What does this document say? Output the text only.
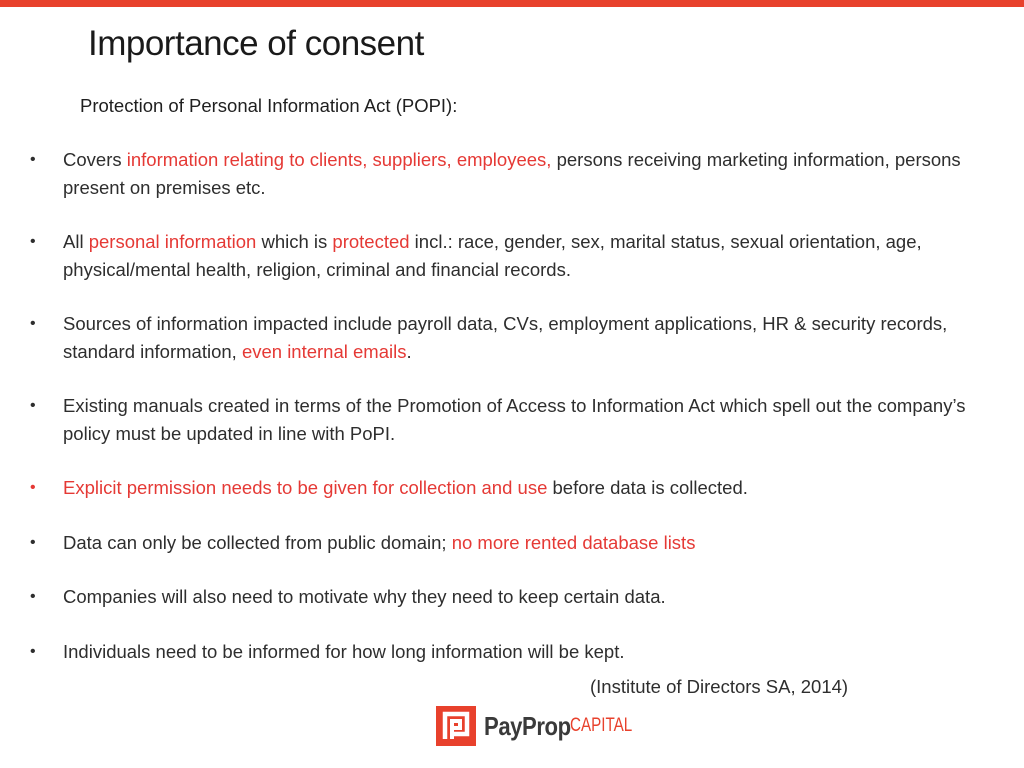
Importance of consent
Protection of Personal Information Act (POPI):
• Covers information relating to clients, suppliers, employees, persons receiving marketing information, persons present on premises etc.
• All personal information which is protected incl.: race, gender, sex, marital status, sexual orientation, age, physical/mental health, religion, criminal and financial records.
• Sources of information impacted include payroll data, CVs, employment applications, HR & security records, standard information, even internal emails.
• Existing manuals created in terms of the Promotion of Access to Information Act which spell out the company’s policy must be updated in line with PoPI.
• Explicit permission needs to be given for collection and use before data is collected.
• Data can only be collected from public domain; no more rented database lists
• Companies will also need to motivate why they need to keep certain data.
• Individuals need to be informed for how long information will be kept.
(Institute of Directors SA, 2014)
PayProp CAPITAL
